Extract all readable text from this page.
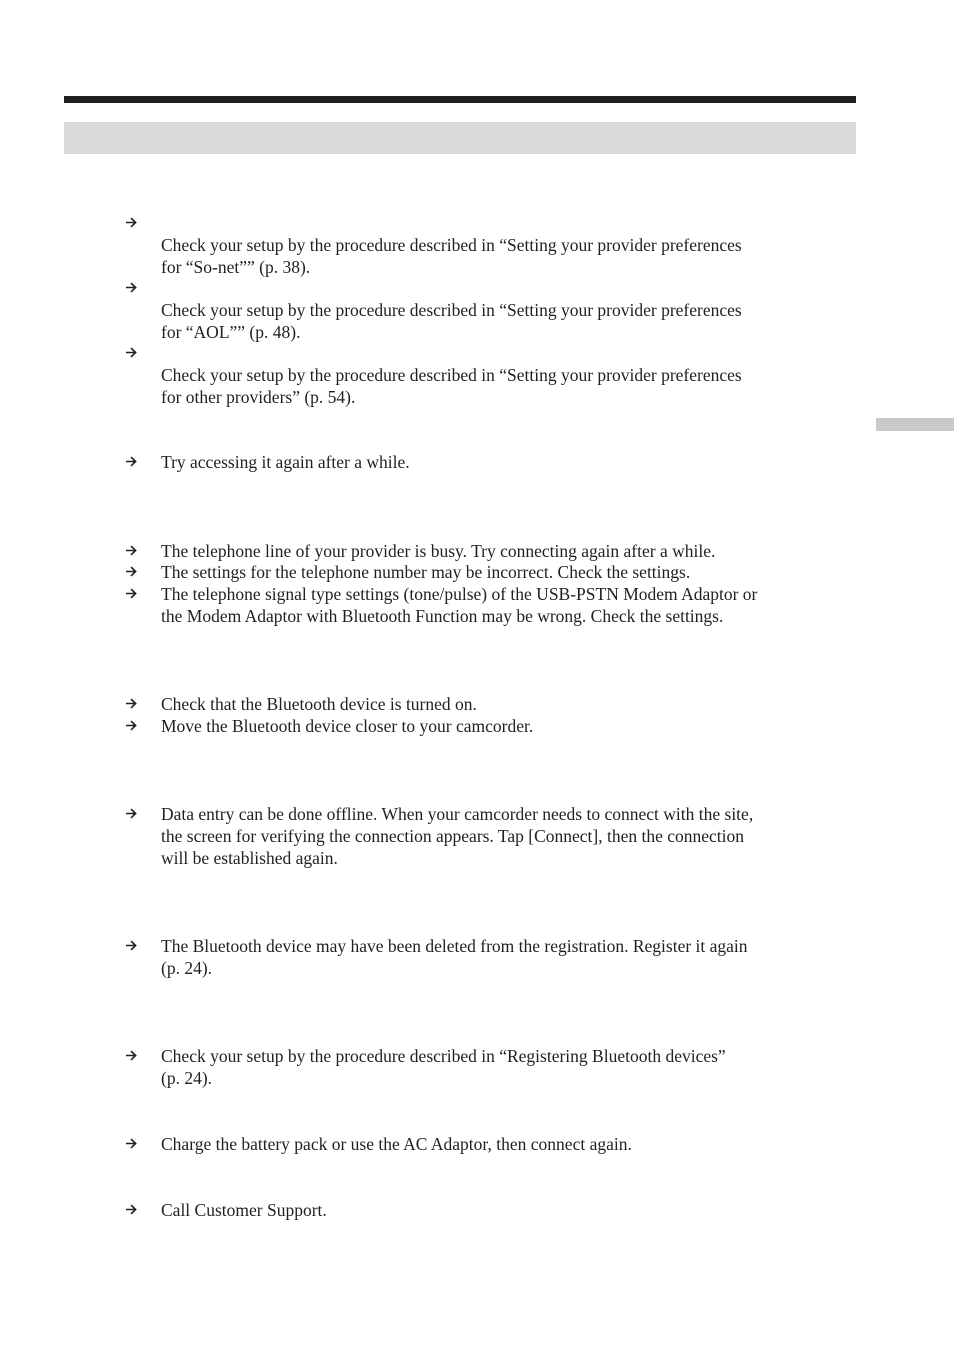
Check your setup by the procedure described in “Setting your provider preferences
for “So-net”” (p. 38).
Check your setup by the procedure described in “Setting your provider preferences
for “AOL”” (p. 48).
Check your setup by the procedure described in “Setting your provider preferences
for other providers” (p. 54).
Try accessing it again after a while.
The telephone line of your provider is busy. Try connecting again after a while.
The settings for the telephone number may be incorrect. Check the settings.
The telephone signal type settings (tone/pulse) of the USB-PSTN Modem Adaptor or
the Modem Adaptor with Bluetooth Function may be wrong. Check the settings.
Check that the Bluetooth device is turned on.
Move the Bluetooth device closer to your camcorder.
Data entry can be done offline. When your camcorder needs to connect with the site,
the screen for verifying the connection appears. Tap [Connect], then the connection
will be established again.
The Bluetooth device may have been deleted from the registration. Register it again
(p. 24).
Check your setup by the procedure described in “Registering Bluetooth devices”
(p. 24).
Charge the battery pack or use the AC Adaptor, then connect again.
Call Customer Support.
